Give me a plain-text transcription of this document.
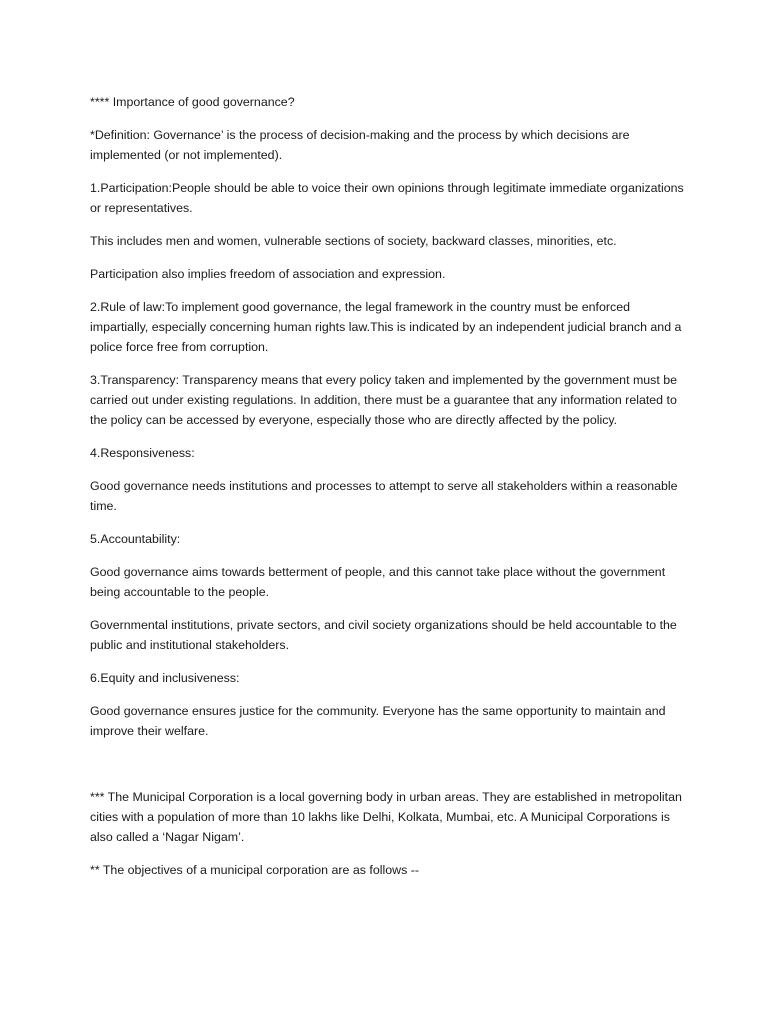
**** Importance of good governance?

*Definition: Governance’ is the process of decision-making and the process by which decisions are implemented (or not implemented).

1.Participation:People should be able to voice their own opinions through legitimate immediate organizations or representatives.

This includes men and women, vulnerable sections of society, backward classes, minorities, etc.

Participation also implies freedom of association and expression.

2.Rule of law:To implement good governance, the legal framework in the country must be enforced impartially, especially concerning human rights law.This is indicated by an independent judicial branch and a police force free from corruption.

3.Transparency: Transparency means that every policy taken and implemented by the government must be carried out under existing regulations. In addition, there must be a guarantee that any information related to the policy can be accessed by everyone, especially those who are directly affected by the policy.

4.Responsiveness:

Good governance needs institutions and processes to attempt to serve all stakeholders within a reasonable time.

5.Accountability:

Good governance aims towards betterment of people, and this cannot take place without the government being accountable to the people.

Governmental institutions, private sectors, and civil society organizations should be held accountable to the public and institutional stakeholders.

6.Equity and inclusiveness:

Good governance ensures justice for the community. Everyone has the same opportunity to maintain and improve their welfare.

*** The Municipal Corporation is a local governing body in urban areas. They are established in metropolitan cities with a population of more than 10 lakhs like Delhi, Kolkata, Mumbai, etc. A Municipal Corporations is also called a ‘Nagar Nigam’.

** The objectives of a municipal corporation are as follows --
